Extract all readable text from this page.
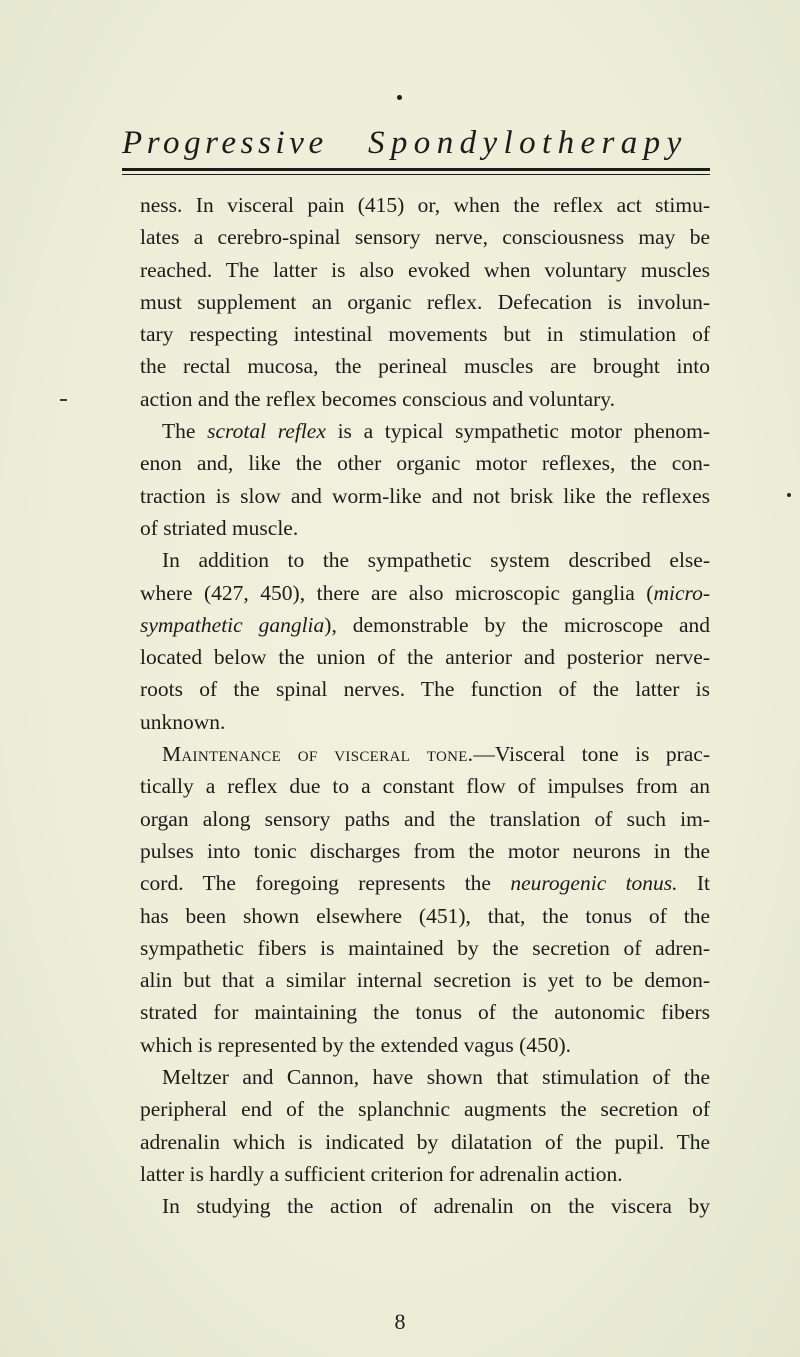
Progressive Spondylotherapy
ness. In visceral pain (415) or, when the reflex act stimu-
lates a cerebro-spinal sensory nerve, consciousness may be
reached. The latter is also evoked when voluntary muscles
must supplement an organic reflex. Defecation is involun-
tary respecting intestinal movements but in stimulation of
the rectal mucosa, the perineal muscles are brought into
action and the reflex becomes conscious and voluntary.
The scrotal reflex is a typical sympathetic motor phenom-
enon and, like the other organic motor reflexes, the con-
traction is slow and worm-like and not brisk like the reflexes
of striated muscle.
In addition to the sympathetic system described else-
where (427, 450), there are also microscopic ganglia (micro-
sympathetic ganglia), demonstrable by the microscope and
located below the union of the anterior and posterior nerve-
roots of the spinal nerves. The function of the latter is
unknown.
Maintenance of visceral tone.—Visceral tone is prac-
tically a reflex due to a constant flow of impulses from an
organ along sensory paths and the translation of such im-
pulses into tonic discharges from the motor neurons in the
cord. The foregoing represents the neurogenic tonus. It
has been shown elsewhere (451), that, the tonus of the
sympathetic fibers is maintained by the secretion of adren-
alin but that a similar internal secretion is yet to be demon-
strated for maintaining the tonus of the autonomic fibers
which is represented by the extended vagus (450).
Meltzer and Cannon, have shown that stimulation of the
peripheral end of the splanchnic augments the secretion of
adrenalin which is indicated by dilatation of the pupil. The
latter is hardly a sufficient criterion for adrenalin action.
In studying the action of adrenalin on the viscera by
8
